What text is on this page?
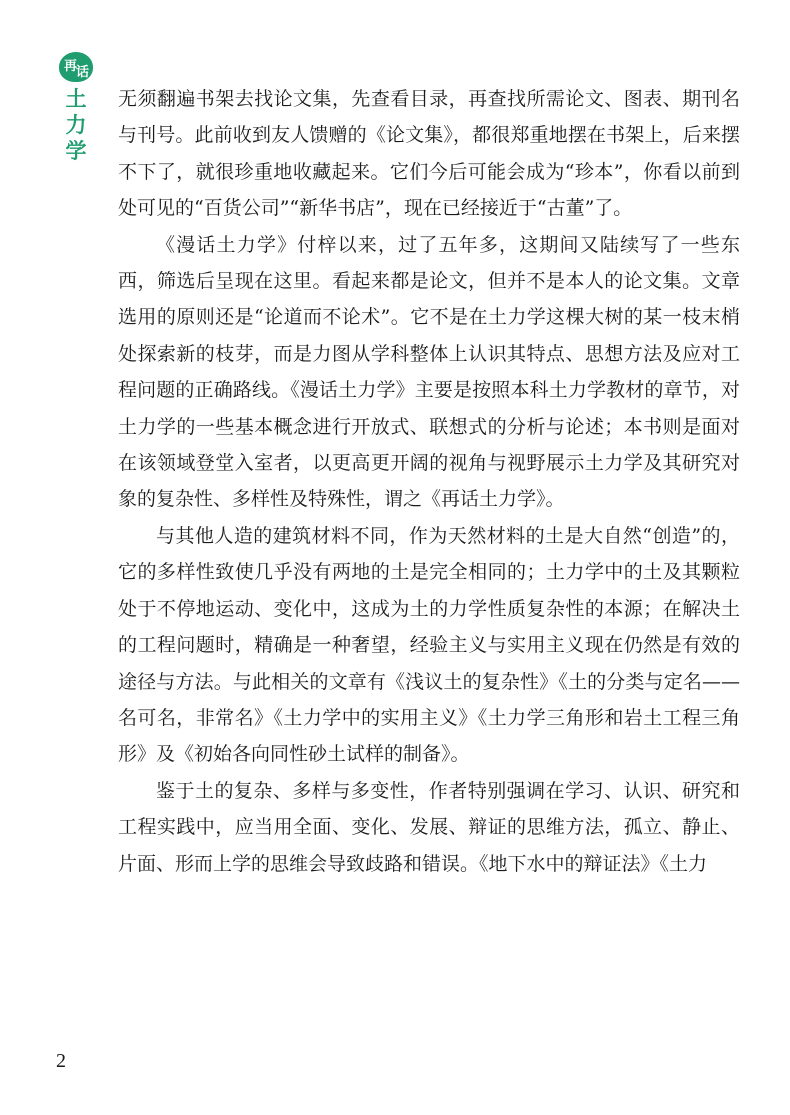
再 话
土
力
学

无须翻遍书架去找论文集，先查看目录，再查找所需论文、图表、期刊名与刊号。此前收到友人馈赠的《论文集》，都很郑重地摆在书架上，后来摆不下了，就很珍重地收藏起来。它们今后可能会成为“珍本”，你看以前到处可见的“百货公司”“新华书店”，现在已经接近于“古董”了。

《漫话土力学》付梓以来，过了五年多，这期间又陆续写了一些东西，筛选后呈现在这里。看起来都是论文，但并不是本人的论文集。文章选用的原则还是“论道而不论术”。它不是在土力学这棵大树的某一枝末梢处探索新的枝芽，而是力图从学科整体上认识其特点、思想方法及应对工程问题的正确路线。《漫话土力学》主要是按照本科土力学教材的章节，对土力学的一些基本概念进行开放式、联想式的分析与论述；本书则是面对在该领域登堂入室者，以更高更开阔的视角与视野展示土力学及其研究对象的复杂性、多样性及特殊性，谓之《再话土力学》。

与其他人造的建筑材料不同，作为天然材料的土是大自然“创造”的，它的多样性致使几乎没有两地的土是完全相同的；土力学中的土及其颗粒处于不停地运动、变化中，这成为土的力学性质复杂性的本源；在解决土的工程问题时，精确是一种奢望，经验主义与实用主义现在仍然是有效的途径与方法。与此相关的文章有《浅议土的复杂性》《土的分类与定名——名可名，非常名》《土力学中的实用主义》《土力学三角形和岩土工程三角形》及《初始各向同性砂土试样的制备》。

鉴于土的复杂、多样与多变性，作者特别强调在学习、认识、研究和工程实践中，应当用全面、变化、发展、辩证的思维方法，孤立、静止、片面、形而上学的思维会导致歧路和错误。《地下水中的辩证法》《土力

2
